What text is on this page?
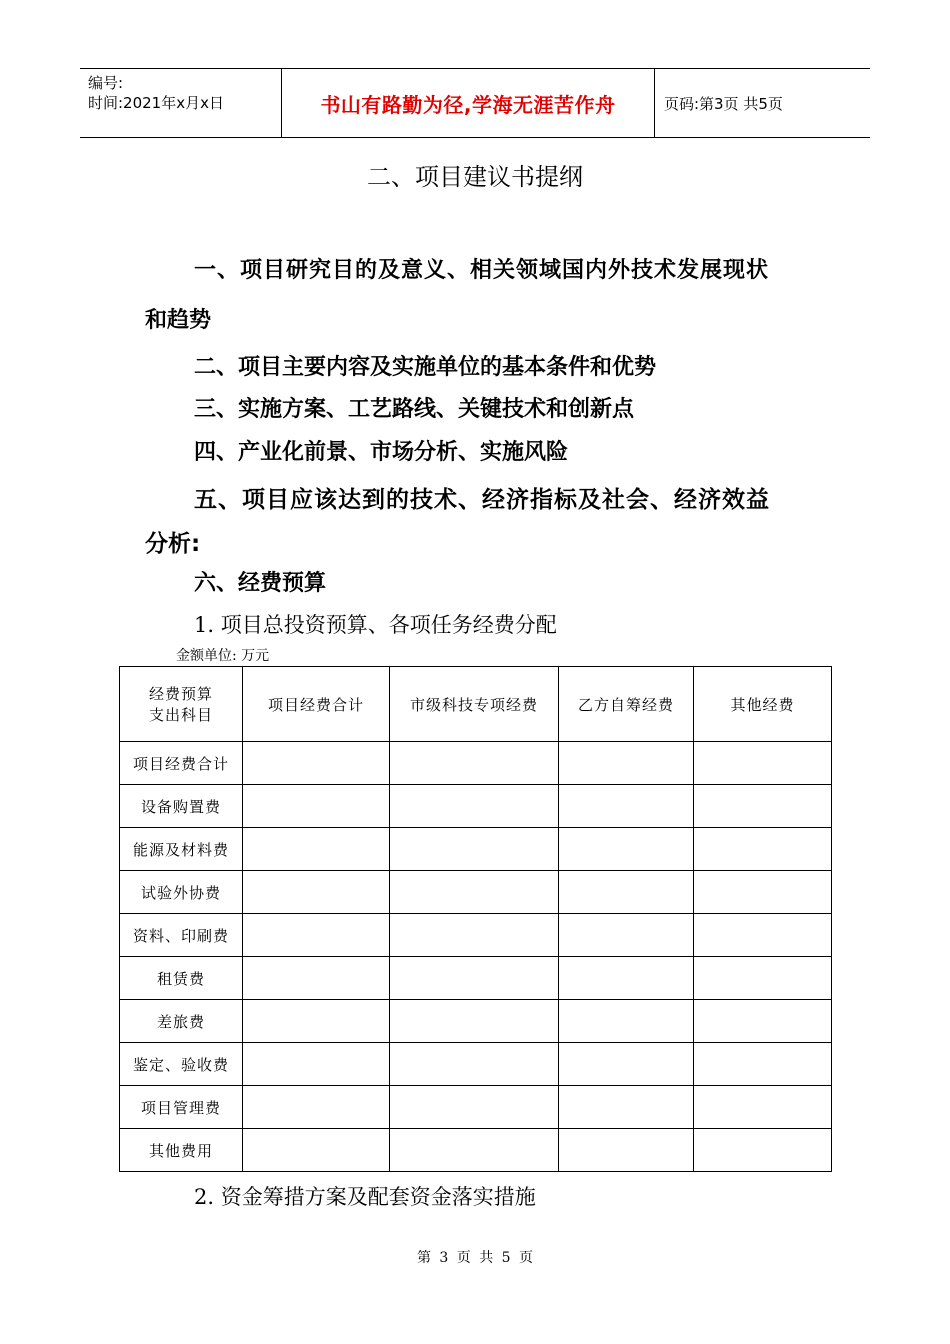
编号:
时间:2021年x月x日	书山有路勤为径,学海无涯苦作舟	页码:第3页 共5页
二、项目建议书提纲
一、项目研究目的及意义、相关领域国内外技术发展现状
和趋势
二、项目主要内容及实施单位的基本条件和优势
三、实施方案、工艺路线、关键技术和创新点
四、产业化前景、市场分析、实施风险
五、项目应该达到的技术、经济指标及社会、经济效益
分析:
六、经费预算
1. 项目总投资预算、各项任务经费分配
金额单位: 万元
经费预算
支出科目	项目经费合计	市级科技专项经费	乙方自筹经费	其他经费
项目经费合计				
设备购置费				
能源及材料费				
试验外协费				
资料、印刷费				
租赁费				
差旅费				
鉴定、验收费				
项目管理费				
其他费用				
2. 资金筹措方案及配套资金落实措施
第 3 页 共 5 页
